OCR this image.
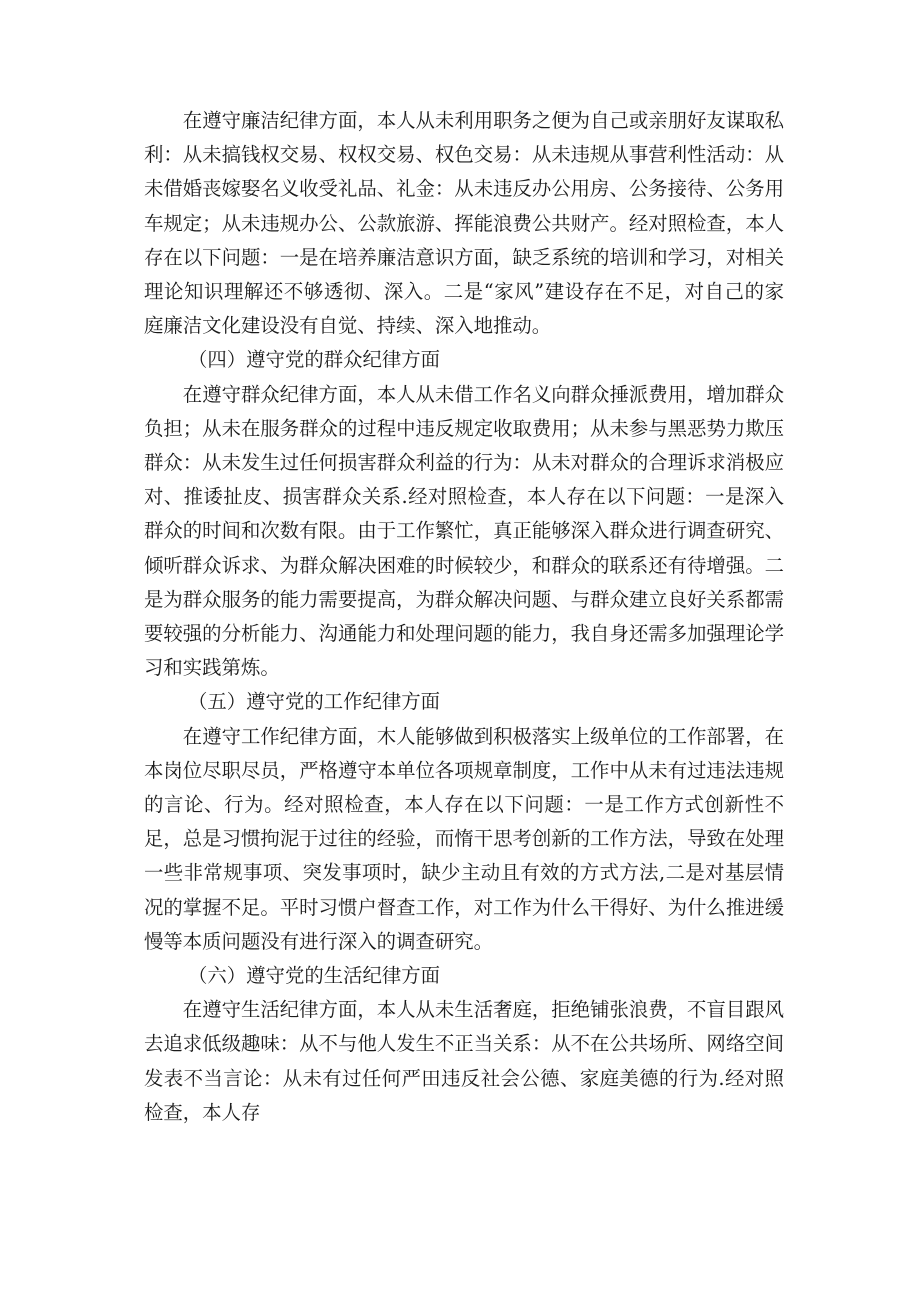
在遵守廉洁纪律方面，本人从未利用职务之便为自己或亲朋好友谋取私利：从未搞钱权交易、权权交易、权色交易：从未违规从事营利性活动：从未借婚丧嫁娶名义收受礼品、礼金：从未违反办公用房、公务接待、公务用车规定；从未违规办公、公款旅游、挥能浪费公共财产。经对照检查，本人存在以下问题：一是在培养廉洁意识方面，缺乏系统的培训和学习，对相关理论知识理解还不够透彻、深入。二是“家风”建设存在不足，对自己的家庭廉洁文化建设没有自觉、持续、深入地推动。

（四）遵守党的群众纪律方面

在遵守群众纪律方面，本人从未借工作名义向群众捶派费用，增加群众负担；从未在服务群众的过程中违反规定收取费用；从未参与黑恶势力欺压群众：从未发生过任何损害群众利益的行为：从未对群众的合理诉求消极应对、推诿扯皮、损害群众关系.经对照检查，本人存在以下问题：一是深入群众的时间和次数有限。由于工作繁忙，真正能够深入群众进行调查研究、倾听群众诉求、为群众解决困难的时候较少，和群众的联系还有待增强。二是为群众服务的能力需要提高，为群众解决问题、与群众建立良好关系都需要较强的分析能力、沟通能力和处理问题的能力，我自身还需多加强理论学习和实践第炼。

（五）遵守党的工作纪律方面

在遵守工作纪律方面，木人能够做到积极落实上级单位的工作部署，在本岗位尽职尽员，严格遵守本单位各项规章制度，工作中从未有过违法违规的言论、行为。经对照检查，本人存在以下问题：一是工作方式创新性不足，总是习惯拘泥于过往的经验，而惰干思考创新的工作方法，导致在处理一些非常规事项、突发事项时，缺少主动且有效的方式方法,二是对基层情况的掌握不足。平时习惯户督查工作，对工作为什么干得好、为什么推进缓慢等本质问题没有进行深入的调查研究。

（六）遵守党的生活纪律方面

在遵守生活纪律方面，本人从未生活奢庭，拒绝铺张浪费，不盲目跟风去追求低级趣味：从不与他人发生不正当关系：从不在公共场所、网络空间发表不当言论：从未有过任何严田违反社会公德、家庭美德的行为.经对照检查，本人存
